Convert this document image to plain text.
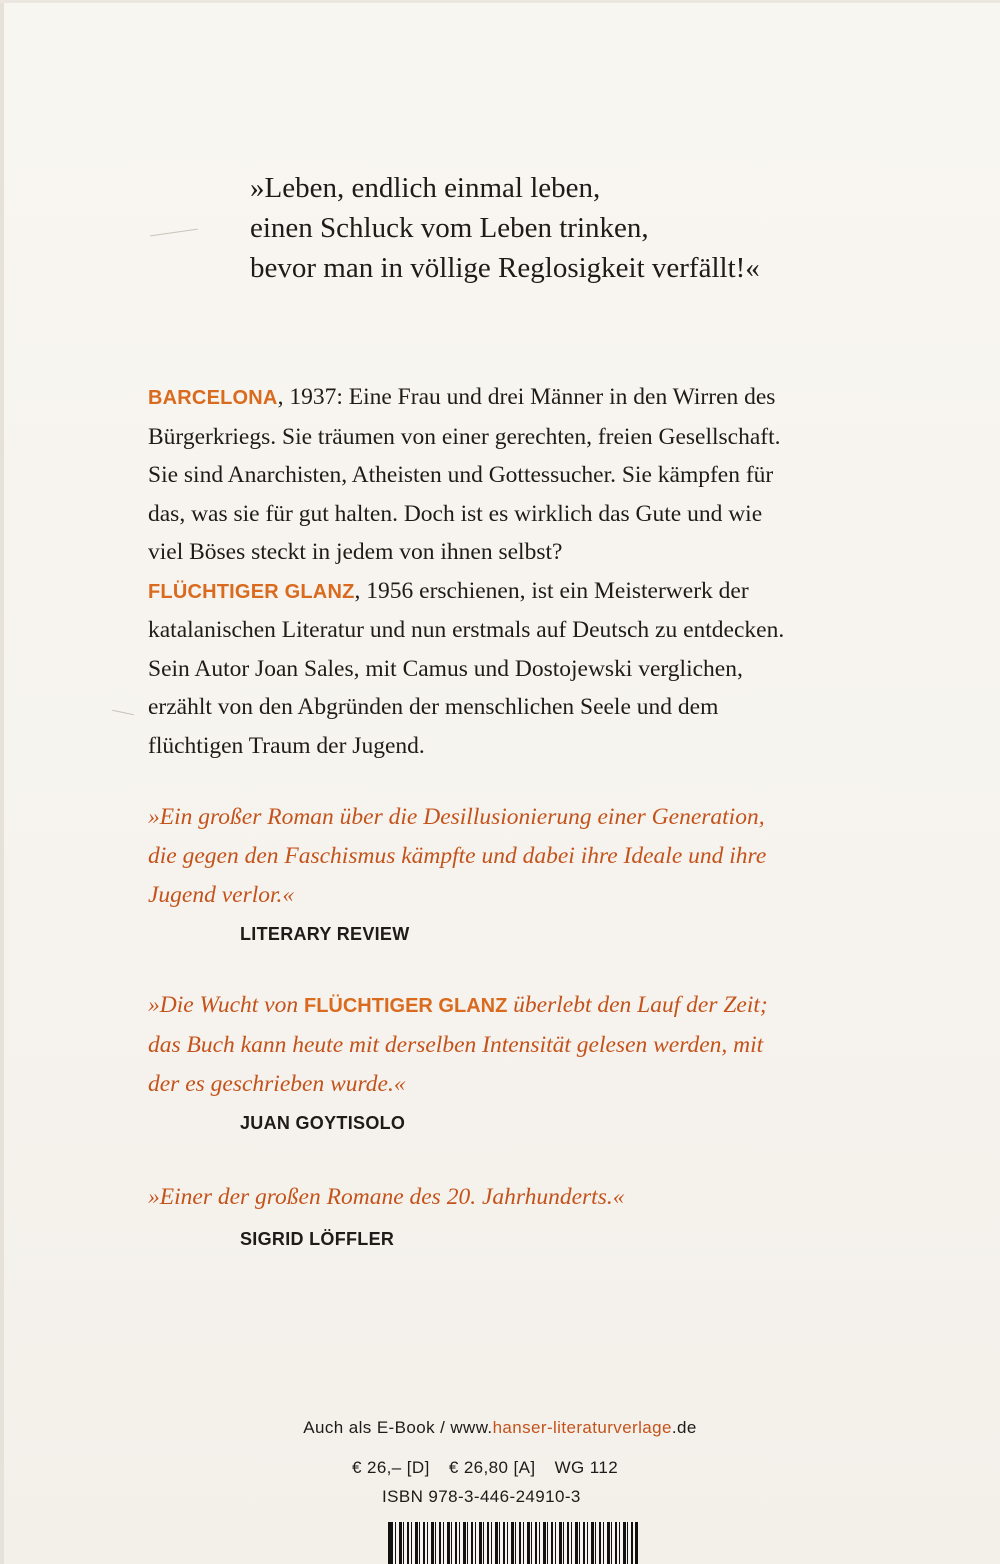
»Leben, endlich einmal leben,
einen Schluck vom Leben trinken,
bevor man in völlige Reglosigkeit verfällt!«
BARCELONA, 1937: Eine Frau und drei Männer in den Wirren des
Bürgerkriegs. Sie träumen von einer gerechten, freien Gesellschaft.
Sie sind Anarchisten, Atheisten und Gottessucher. Sie kämpfen für
das, was sie für gut halten. Doch ist es wirklich das Gute und wie
viel Böses steckt in jedem von ihnen selbst?
FLÜCHTIGER GLANZ, 1956 erschienen, ist ein Meisterwerk der
katalanischen Literatur und nun erstmals auf Deutsch zu entdecken.
Sein Autor Joan Sales, mit Camus und Dostojewski verglichen,
erzählt von den Abgründen der menschlichen Seele und dem
flüchtigen Traum der Jugend.
»Ein großer Roman über die Desillusionierung einer Generation,
die gegen den Faschismus kämpfte und dabei ihre Ideale und ihre
Jugend verlor.«
LITERARY REVIEW
»Die Wucht von FLÜCHTIGER GLANZ überlebt den Lauf der Zeit;
das Buch kann heute mit derselben Intensität gelesen werden, mit
der es geschrieben wurde.«
JUAN GOYTISOLO
»Einer der großen Romane des 20. Jahrhunderts.«
SIGRID LÖFFLER
Auch als E-Book / www.hanser-literaturverlage.de
€ 26,– [D] € 26,80 [A] WG 112
ISBN 978-3-446-24910-3
